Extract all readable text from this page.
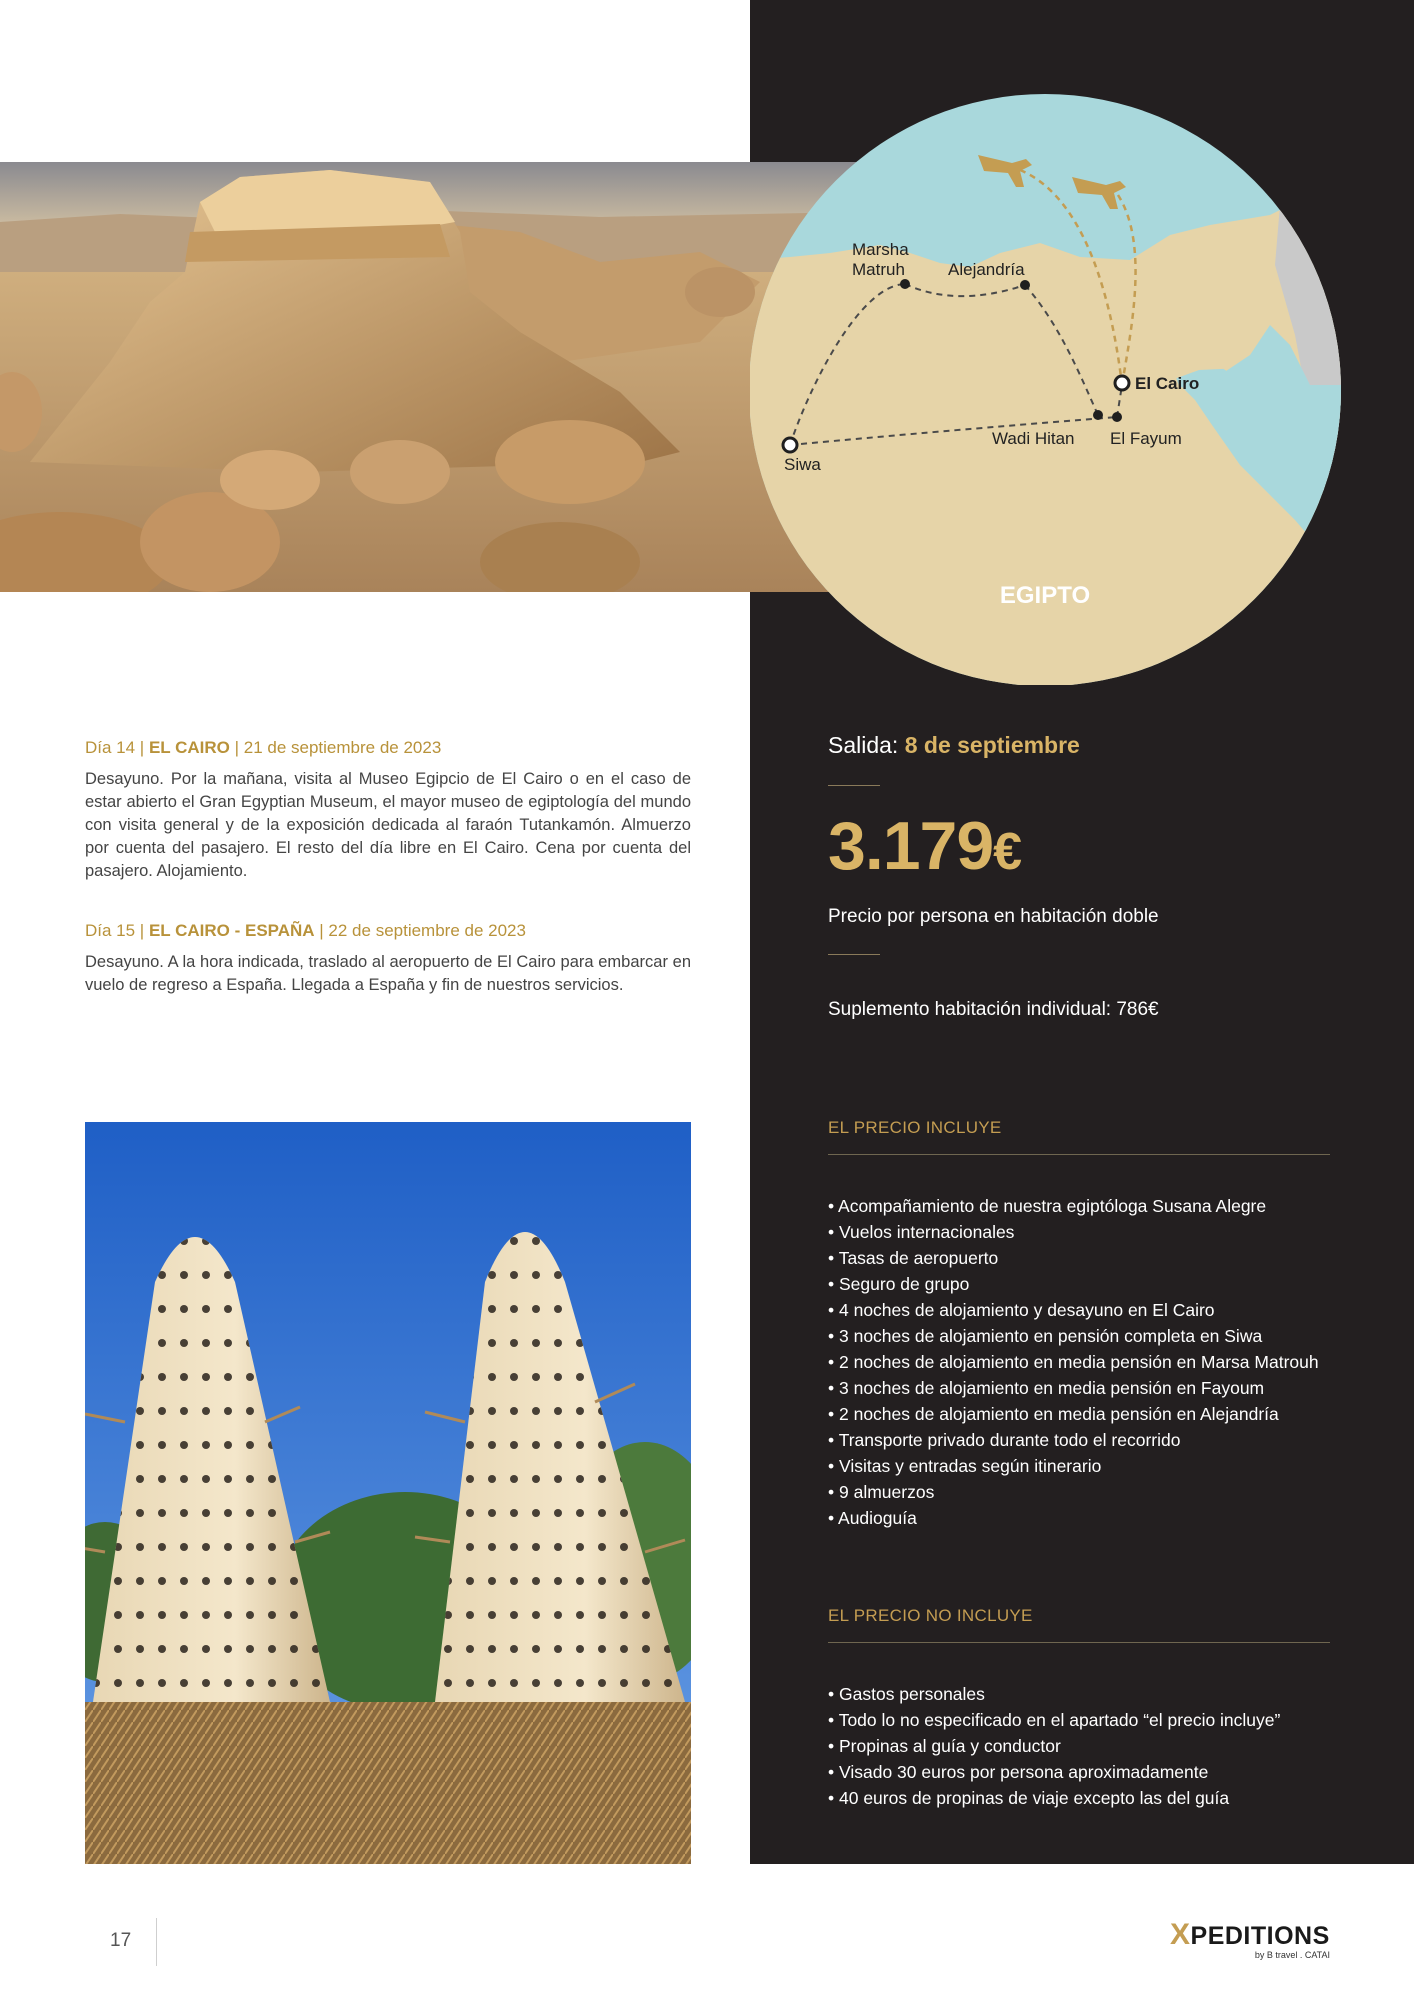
Marsha
Matruh	Alejandría
El Cairo
Siwa
Wadi Hitan El Fayum
EGIPTO
Día 14 | EL CAIRO | 21 de septiembre de 2023
Desayuno. Por la mañana, visita al Museo Egipcio de El Cairo o en el caso de estar abierto el Gran Egyptian Museum, el mayor museo de egiptología del mundo con visita general y de la exposición dedicada al faraón Tutankamón. Almuerzo por cuenta del pasajero. El resto del día libre en El Cairo. Cena por cuenta del pasajero. Alojamiento.
Día 15 | EL CAIRO - ESPAÑA | 22 de septiembre de 2023
Desayuno. A la hora indicada, traslado al aeropuerto de El Cairo para embarcar en vuelo de regreso a España. Llegada a España y fin de nuestros servicios.
Salida: 8 de septiembre
3.179€
Precio por persona en habitación doble
Suplemento habitación individual: 786€
EL PRECIO INCLUYE
• Acompañamiento de nuestra egiptóloga Susana Alegre
• Vuelos internacionales
• Tasas de aeropuerto
• Seguro de grupo
• 4 noches de alojamiento y desayuno en El Cairo
• 3 noches de alojamiento en pensión completa en Siwa
• 2 noches de alojamiento en media pensión en Marsa Matrouh
• 3 noches de alojamiento en media pensión en Fayoum
• 2 noches de alojamiento en media pensión en Alejandría
• Transporte privado durante todo el recorrido
• Visitas y entradas según itinerario
• 9 almuerzos
• Audioguía
EL PRECIO NO INCLUYE
• Gastos personales
• Todo lo no especificado en el apartado “el precio incluye”
• Propinas al guía y conductor
• Visado 30 euros por persona aproximadamente
• 40 euros de propinas de viaje excepto las del guía
17	XPEDITIONS
by B travel . CATAI
